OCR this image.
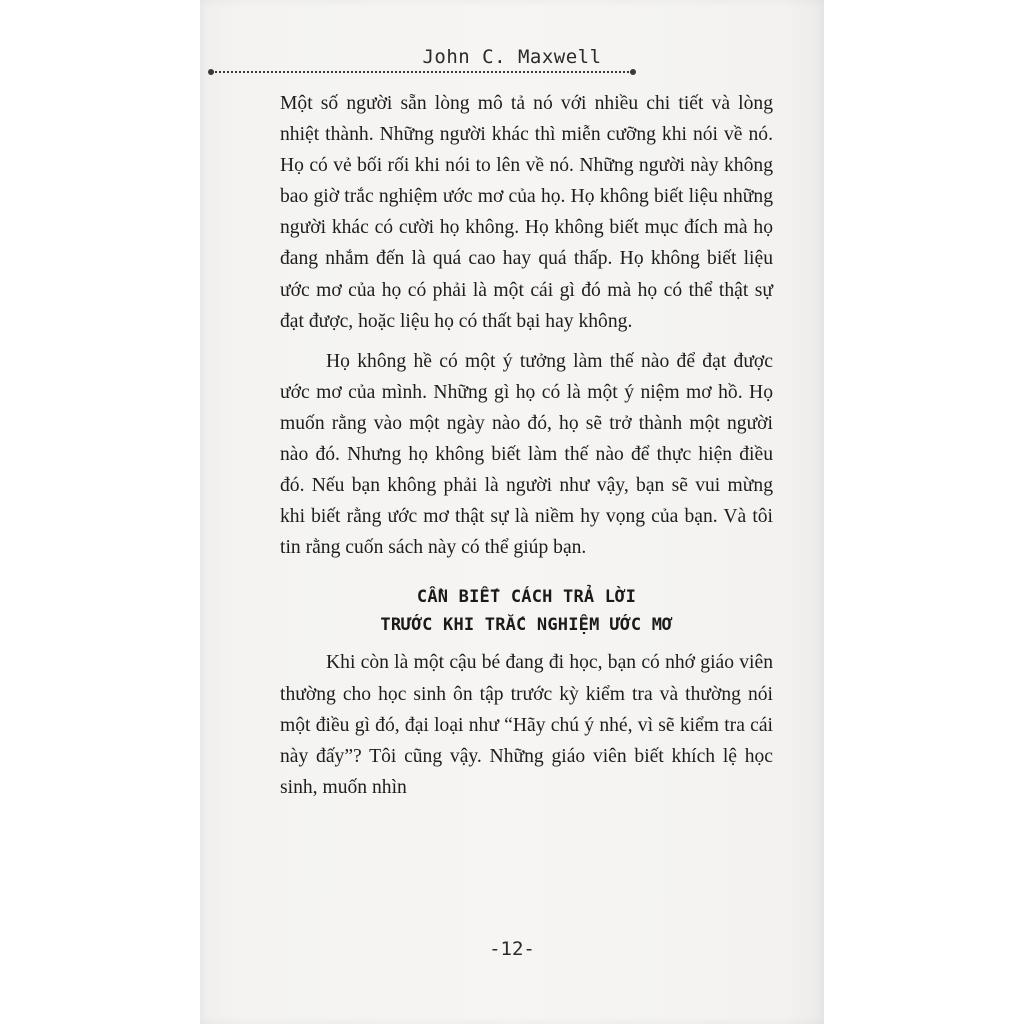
John C. Maxwell

Một số người sẵn lòng mô tả nó với nhiều chi tiết và lòng nhiệt thành. Những người khác thì miễn cưỡng khi nói về nó. Họ có vẻ bối rối khi nói to lên về nó. Những người này không bao giờ trắc nghiệm ước mơ của họ. Họ không biết liệu những người khác có cười họ không. Họ không biết mục đích mà họ đang nhắm đến là quá cao hay quá thấp. Họ không biết liệu ước mơ của họ có phải là một cái gì đó mà họ có thể thật sự đạt được, hoặc liệu họ có thất bại hay không.

Họ không hề có một ý tưởng làm thế nào để đạt được ước mơ của mình. Những gì họ có là một ý niệm mơ hồ. Họ muốn rằng vào một ngày nào đó, họ sẽ trở thành một người nào đó. Nhưng họ không biết làm thế nào để thực hiện điều đó. Nếu bạn không phải là người như vậy, bạn sẽ vui mừng khi biết rằng ước mơ thật sự là niềm hy vọng của bạn. Và tôi tin rằng cuốn sách này có thể giúp bạn.

CẦN BIẾT CÁCH TRẢ LỜI
TRƯỚC KHI TRẮC NGHIỆM ƯỚC MƠ

Khi còn là một cậu bé đang đi học, bạn có nhớ giáo viên thường cho học sinh ôn tập trước kỳ kiểm tra và thường nói một điều gì đó, đại loại như “Hãy chú ý nhé, vì sẽ kiểm tra cái này đấy”? Tôi cũng vậy. Những giáo viên biết khích lệ học sinh, muốn nhìn

-12-
